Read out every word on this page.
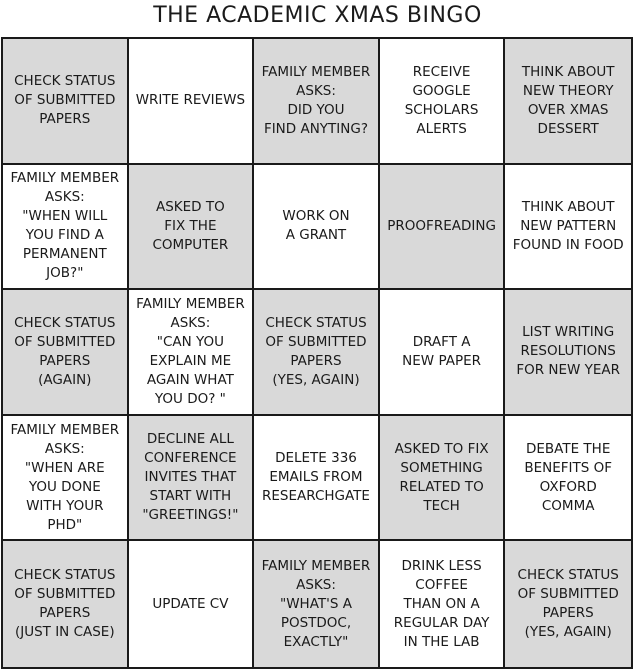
THE ACADEMIC XMAS BINGO
CHECK STATUS
OF SUBMITTED
PAPERS
WRITE REVIEWS
FAMILY MEMBER
ASKS:
DID YOU
FIND ANYTING?
RECEIVE
GOOGLE
SCHOLARS
ALERTS
THINK ABOUT
NEW THEORY
OVER XMAS
DESSERT
FAMILY MEMBER
ASKS:
"WHEN WILL
YOU FIND A
PERMANENT
JOB?"
ASKED TO
FIX THE
COMPUTER
WORK ON
A GRANT
PROOFREADING
THINK ABOUT
NEW PATTERN
FOUND IN FOOD
CHECK STATUS
OF SUBMITTED
PAPERS
(AGAIN)
FAMILY MEMBER
ASKS:
"CAN YOU
EXPLAIN ME
AGAIN WHAT
YOU DO? "
CHECK STATUS
OF SUBMITTED
PAPERS
(YES, AGAIN)
DRAFT A
NEW PAPER
LIST WRITING
RESOLUTIONS
FOR NEW YEAR
FAMILY MEMBER
ASKS:
"WHEN ARE
YOU DONE
WITH YOUR
PHD"
DECLINE ALL
CONFERENCE
INVITES THAT
START WITH
"GREETINGS!"
DELETE 336
EMAILS FROM
RESEARCHGATE
ASKED TO FIX
SOMETHING
RELATED TO
TECH
DEBATE THE
BENEFITS OF
OXFORD
COMMA
CHECK STATUS
OF SUBMITTED
PAPERS
(JUST IN CASE)
UPDATE CV
FAMILY MEMBER
ASKS:
"WHAT'S A
POSTDOC,
EXACTLY"
DRINK LESS
COFFEE
THAN ON A
REGULAR DAY
IN THE LAB
CHECK STATUS
OF SUBMITTED
PAPERS
(YES, AGAIN)
